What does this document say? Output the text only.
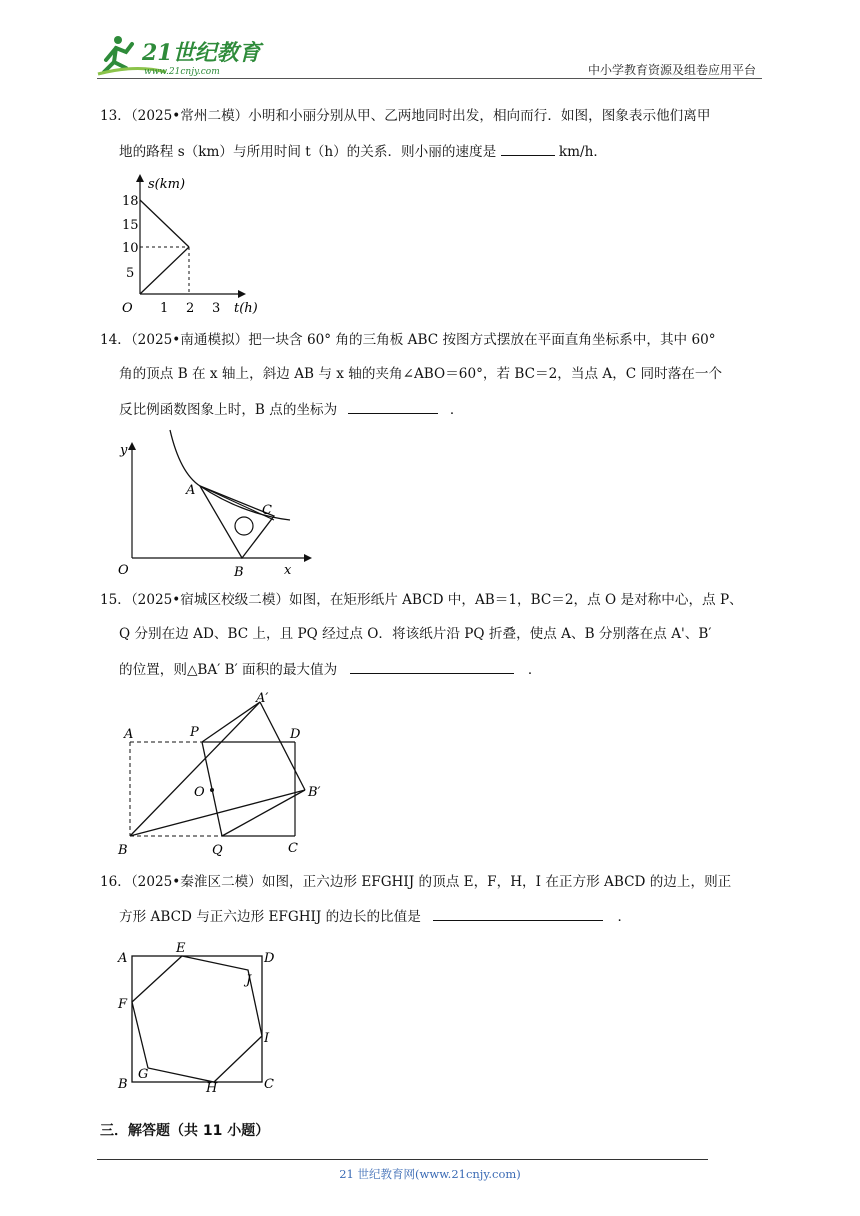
21世纪教育
www.21cnjy.com	中小学教育资源及组卷应用平台
13．（2025•常州二模）小明和小丽分别从甲、乙两地同时出发，相向而行．如图，图象表示他们离甲
地的路程 s（km）与所用时间 t（h）的关系．则小丽的速度是	km/h．
s(km)
18
15
10
5
O 1 2 3 t(h)
14．（2025•南通模拟）把一块含 60° 角的三角板 ABC 按图方式摆放在平面直角坐标系中，其中 60°
角的顶点 B 在 x 轴上，斜边 AB 与 x 轴的夹角∠ABO＝60°，若 BC＝2，当点 A，C 同时落在一个
反比例函数图象上时，B 点的坐标为	．
y
A
C
O	B	x
15．（2025•宿城区校级二模）如图，在矩形纸片 ABCD 中，AB＝1，BC＝2，点 O 是对称中心，点 P、
Q 分别在边 AD、BC 上，且 PQ 经过点 O．将该纸片沿 PQ 折叠，使点 A、B 分别落在点 A'、B′
的位置，则△BA′ B′ 面积的最大值为	．
A′
A	P	D
O	B′
B	Q	C
16．（2025•秦淮区二模）如图，正六边形 EFGHIJ 的顶点 E，F，H，I 在正方形 ABCD 的边上，则正
方形 ABCD 与正六边形 EFGHIJ 的边长的比值是	．
A
E
D
J
F
I
B
G
H	C
三．解答题（共 11 小题）
21 世纪教育网(www.21cnjy.com)
